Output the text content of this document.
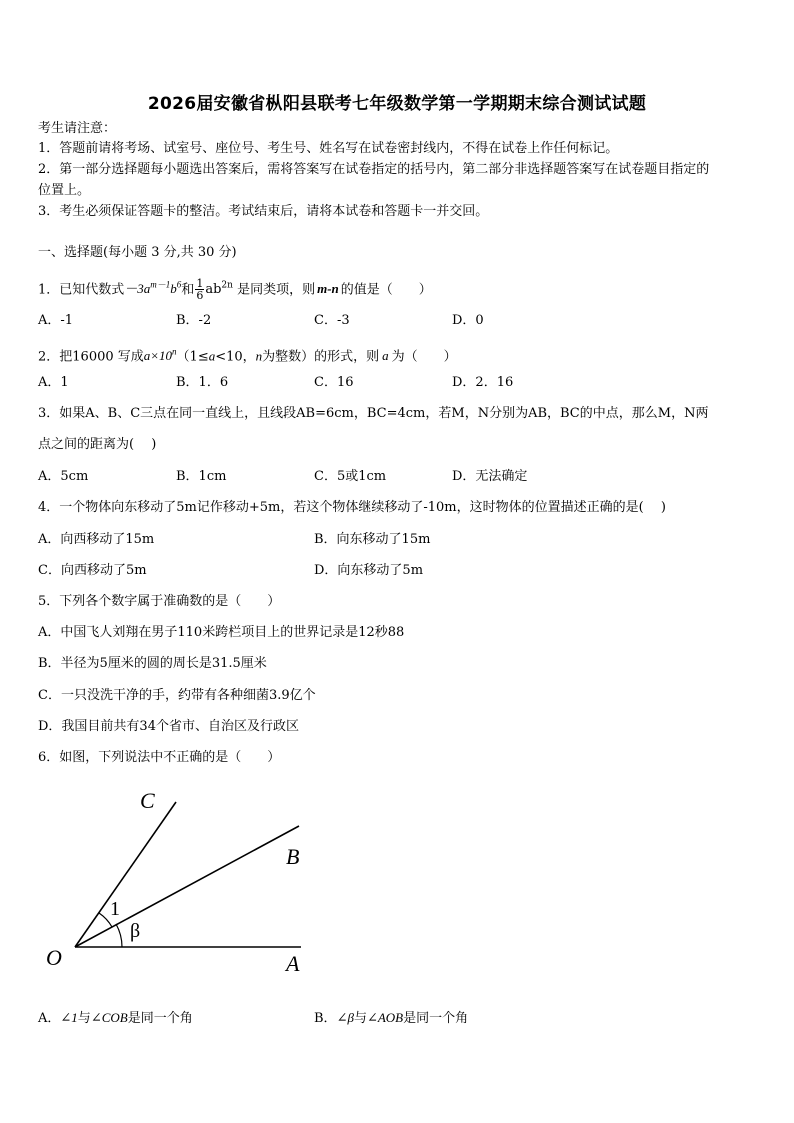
2026届安徽省枞阳县联考七年级数学第一学期期末综合测试试题
考生请注意：
1．答题前请将考场、试室号、座位号、考生号、姓名写在试卷密封线内，不得在试卷上作任何标记。
2．第一部分选择题每小题选出答案后，需将答案写在试卷指定的括号内，第二部分非选择题答案写在试卷题目指定的
位置上。
3．考生必须保证答题卡的整洁。考试结束后，请将本试卷和答题卡一并交回。
一、选择题(每小题 3 分,共 30 分)
1．已知代数式$-3a^{m-1}b^6$和 $\frac{1}{6} ab^{2n}$ 是同类项，则 m-n 的值是（　　）
A．-1	B．-2	C．-3	D．0
2．把16000 写成$a\times 10^n(1\le a<10$，n为整数）的形式，则 a 为（　　）
A．1	B．1．6	C．16	D．2．16
3．如果A、B、C三点在同一直线上，且线段AB=6cm，BC=4cm，若M，N分别为AB，BC的中点，那么M，N两
点之间的距离为(　 )
A．5cm	B．1cm	C．5或1cm	D．无法确定
4．一个物体向东移动了5m记作移动+5m，若这个物体继续移动了-10m，这时物体的位置描述正确的是(　 )
A．向西移动了15m	B．向东移动了15m
C．向西移动了5m	D．向东移动了5m
5．下列各个数字属于准确数的是（　　）
A．中国飞人刘翔在男子110米跨栏项目上的世界记录是12秒88
B．半径为5厘米的圆的周长是31.5厘米
C．一只没洗干净的手，约带有各种细菌3.9亿个
D．我国目前共有34个省市、自治区及行政区
6．如图，下列说法中不正确的是（　　）
C
B
O	A
1
β
A．∠1与∠COB是同一个角	B．∠β与∠AOB是同一个角
